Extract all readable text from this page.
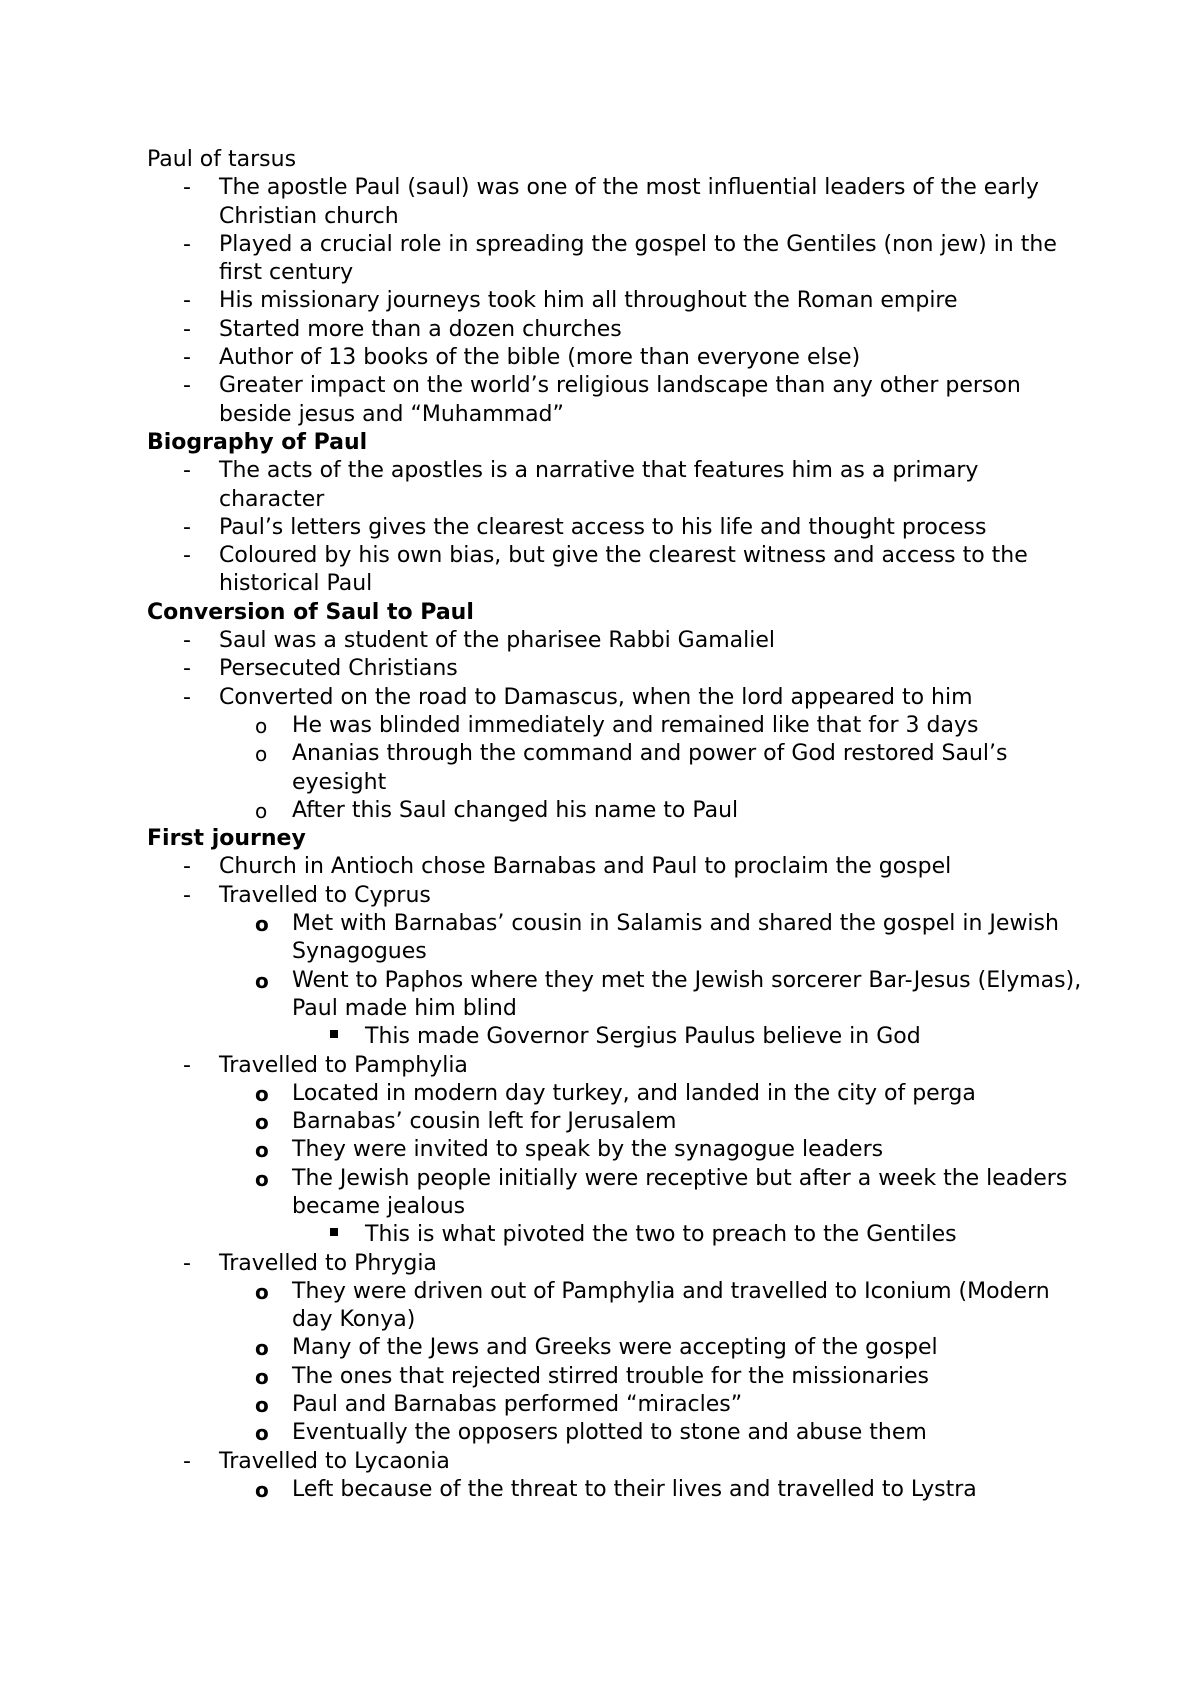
Paul of tarsus

-
The apostle Paul (saul) was one of the most influential leaders of the early Christian church
-
Played a crucial role in spreading the gospel to the Gentiles (non jew) in the first century
-
His missionary journeys took him all throughout the Roman empire
-
Started more than a dozen churches
-
Author of 13 books of the bible (more than everyone else)
-
Greater impact on the world’s religious landscape than any other person beside jesus and “Muhammad”

Biography of Paul

-
The acts of the apostles is a narrative that features him as a primary character
-
Paul’s letters gives the clearest access to his life and thought process
-
Coloured by his own bias, but give the clearest witness and access to the historical Paul

Conversion of Saul to Paul

-
Saul was a student of the pharisee Rabbi Gamaliel
-
Persecuted Christians
-
Converted on the road to Damascus, when the lord appeared to him
o
He was blinded immediately and remained like that for 3 days
o
Ananias through the command and power of God restored Saul’s eyesight
o
After this Saul changed his name to Paul

First journey

-
Church in Antioch chose Barnabas and Paul to proclaim the gospel
-
Travelled to Cyprus
o
Met with Barnabas’ cousin in Salamis and shared the gospel in Jewish Synagogues
o
Went to Paphos where they met the Jewish sorcerer Bar-Jesus (Elymas), Paul made him blind
This made Governor Sergius Paulus believe in God
-
Travelled to Pamphylia
o
Located in modern day turkey, and landed in the city of perga
o
Barnabas’ cousin left for Jerusalem
o
They were invited to speak by the synagogue leaders
o
The Jewish people initially were receptive but after a week the leaders became jealous
This is what pivoted the two to preach to the Gentiles
-
Travelled to Phrygia
o
They were driven out of Pamphylia and travelled to Iconium (Modern day Konya)
o
Many of the Jews and Greeks were accepting of the gospel
o
The ones that rejected stirred trouble for the missionaries
o
Paul and Barnabas performed “miracles”
o
Eventually the opposers plotted to stone and abuse them
-
Travelled to Lycaonia
o
Left because of the threat to their lives and travelled to Lystra
